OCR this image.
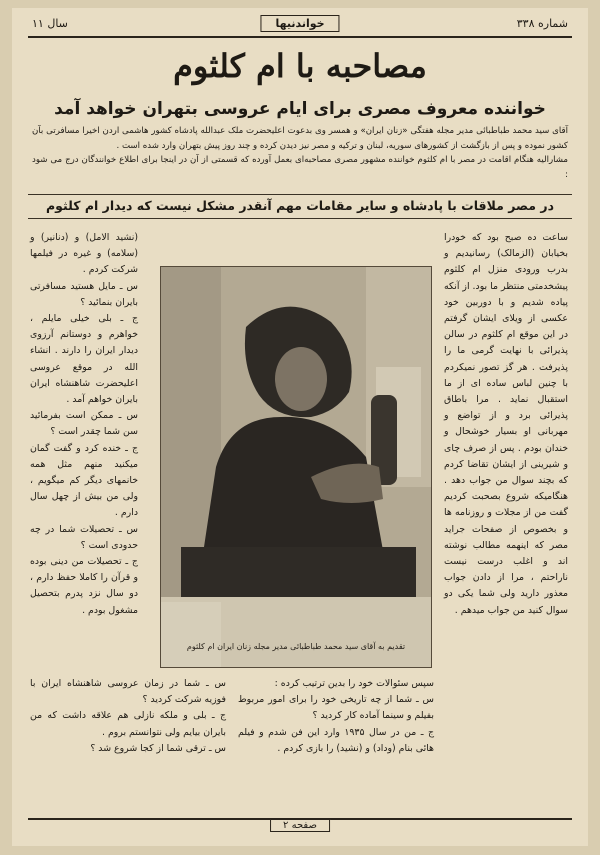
شماره ۳۳۸
خواندنیها
سال ۱۱
مصاحبه با ام کلثوم
خواننده معروف مصری برای ایام عروسی بتهران خواهد آمد

آقای سید محمد طباطبائی مدیر مجله هفتگی «زنان ایران» و همسر وی بدعوت اعلیحضرت ملک عبدالله پادشاه کشور هاشمی اردن اخیرا مسافرتی بآن کشور نموده و پس از بازگشت از کشورهای سوریه، لبنان و ترکیه و مصر نیز دیدن کرده و چند روز پیش بتهران وارد شده است .

مشارالیه هنگام اقامت در مصر با ام کلثوم خواننده مشهور مصری مصاحبه‌ای بعمل آورده که قسمتی از آن در اینجا برای اطلاع خوانندگان درج می شود :

در مصر ملاقات با پادشاه و سایر مقامات مهم آنقدر مشکل نیست که دیدار ام کلثوم

ساعت ده صبح بود که خودرا بخیابان (الزمالک) رسانیدیم و بدرب ورودی منزل ام کلثوم پیشخدمتی منتظر ما بود. از آنکه پیاده شدیم و با دوربین خود عکسی از ویلای ایشان گرفتم در این موقع ام کلثوم در سالن پذیرائی با نهایت گرمی ما را پذیرفت . هر گز تصور نمیکردم با چنین لباس ساده ای از ما استقبال نماید . مرا باطاق پذیرائی برد و از تواضع و مهربانی او بسیار خوشحال و خندان بودم . پس از صرف چای و شیرینی از ایشان تقاضا کردم که بچند سوال من جواب دهد . هنگامیکه شروع بصحبت کردیم گفت من از مجلات و روزنامه ها و بخصوص از صفحات جراید مصر که اینهمه مطالب نوشته اند و اغلب درست نیست ناراحتم ، مرا از دادن جواب معذور دارید ولی شما یکی دو سوال کنید من جواب میدهم .

(نشید الامل) و (دنانیر) و (سلامه) و غیره در فیلمها شرکت کردم .

س ـ مایل هستید مسافرتی بایران بنمائید ؟

ج ـ بلی خیلی مایلم ، خواهرم و دوستانم آرزوی دیدار ایران را دارند . انشاء الله در موقع عروسی اعلیحضرت شاهنشاه ایران بایران خواهم آمد .

س ـ ممکن است بفرمائید سن شما چقدر است ؟

ج ـ خنده کرد و گفت گمان میکنید منهم مثل همه خانمهای دیگر کم میگویم ، ولی من بیش از چهل سال دارم .

س ـ تحصیلات شما در چه حدودی است ؟

ج ـ تحصیلات من دینی بوده و قرآن را کاملا حفظ دارم ، دو سال نزد پدرم بتحصیل مشغول بودم .

تقدیم به آقای سید محمد طباطبائی مدیر مجله زنان ایران ام کلثوم

سپس سئوالات خود را بدین ترتیب کرده :

س ـ شما از چه تاریخی خود را برای امور مربوط بفیلم و سینما آماده کار کردید ؟

ج ـ من در سال ۱۹۳۵ وارد این فن شدم و فیلم هائی بنام (وداد) و (نشید) را بازی کردم .

س ـ شما در زمان عروسی شاهنشاه ایران با فوزیه شرکت کردید ؟

ج ـ بلی و ملکه نازلی هم علاقه داشت که من بایران بیایم ولی نتوانستم بروم .

س ـ ترقی شما از کجا شروع شد ؟

صفحه ۲
